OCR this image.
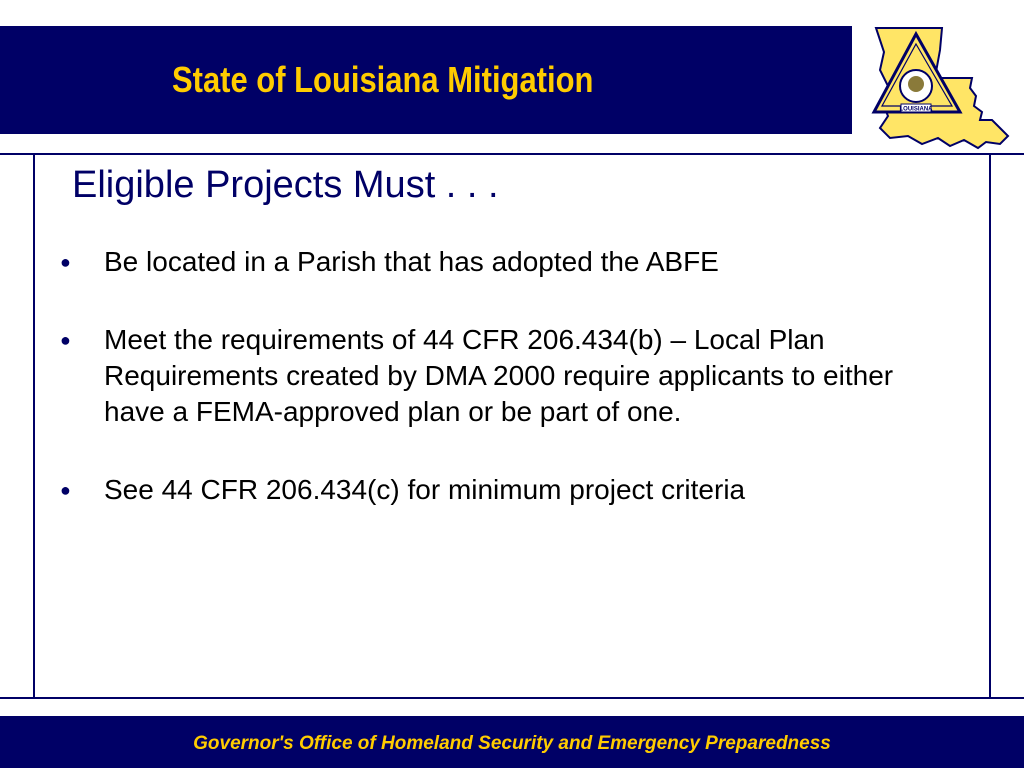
State of Louisiana Mitigation
LOUISIANA
Eligible Projects Must . . .
●	Be located in a Parish that has adopted the ABFE
●	Meet the requirements of 44 CFR 206.434(b) – Local Plan Requirements created by DMA 2000 require applicants to either have a FEMA-approved plan or be part of one.
●	See 44 CFR 206.434(c) for minimum project criteria
Governor's Office of Homeland Security and Emergency Preparedness
